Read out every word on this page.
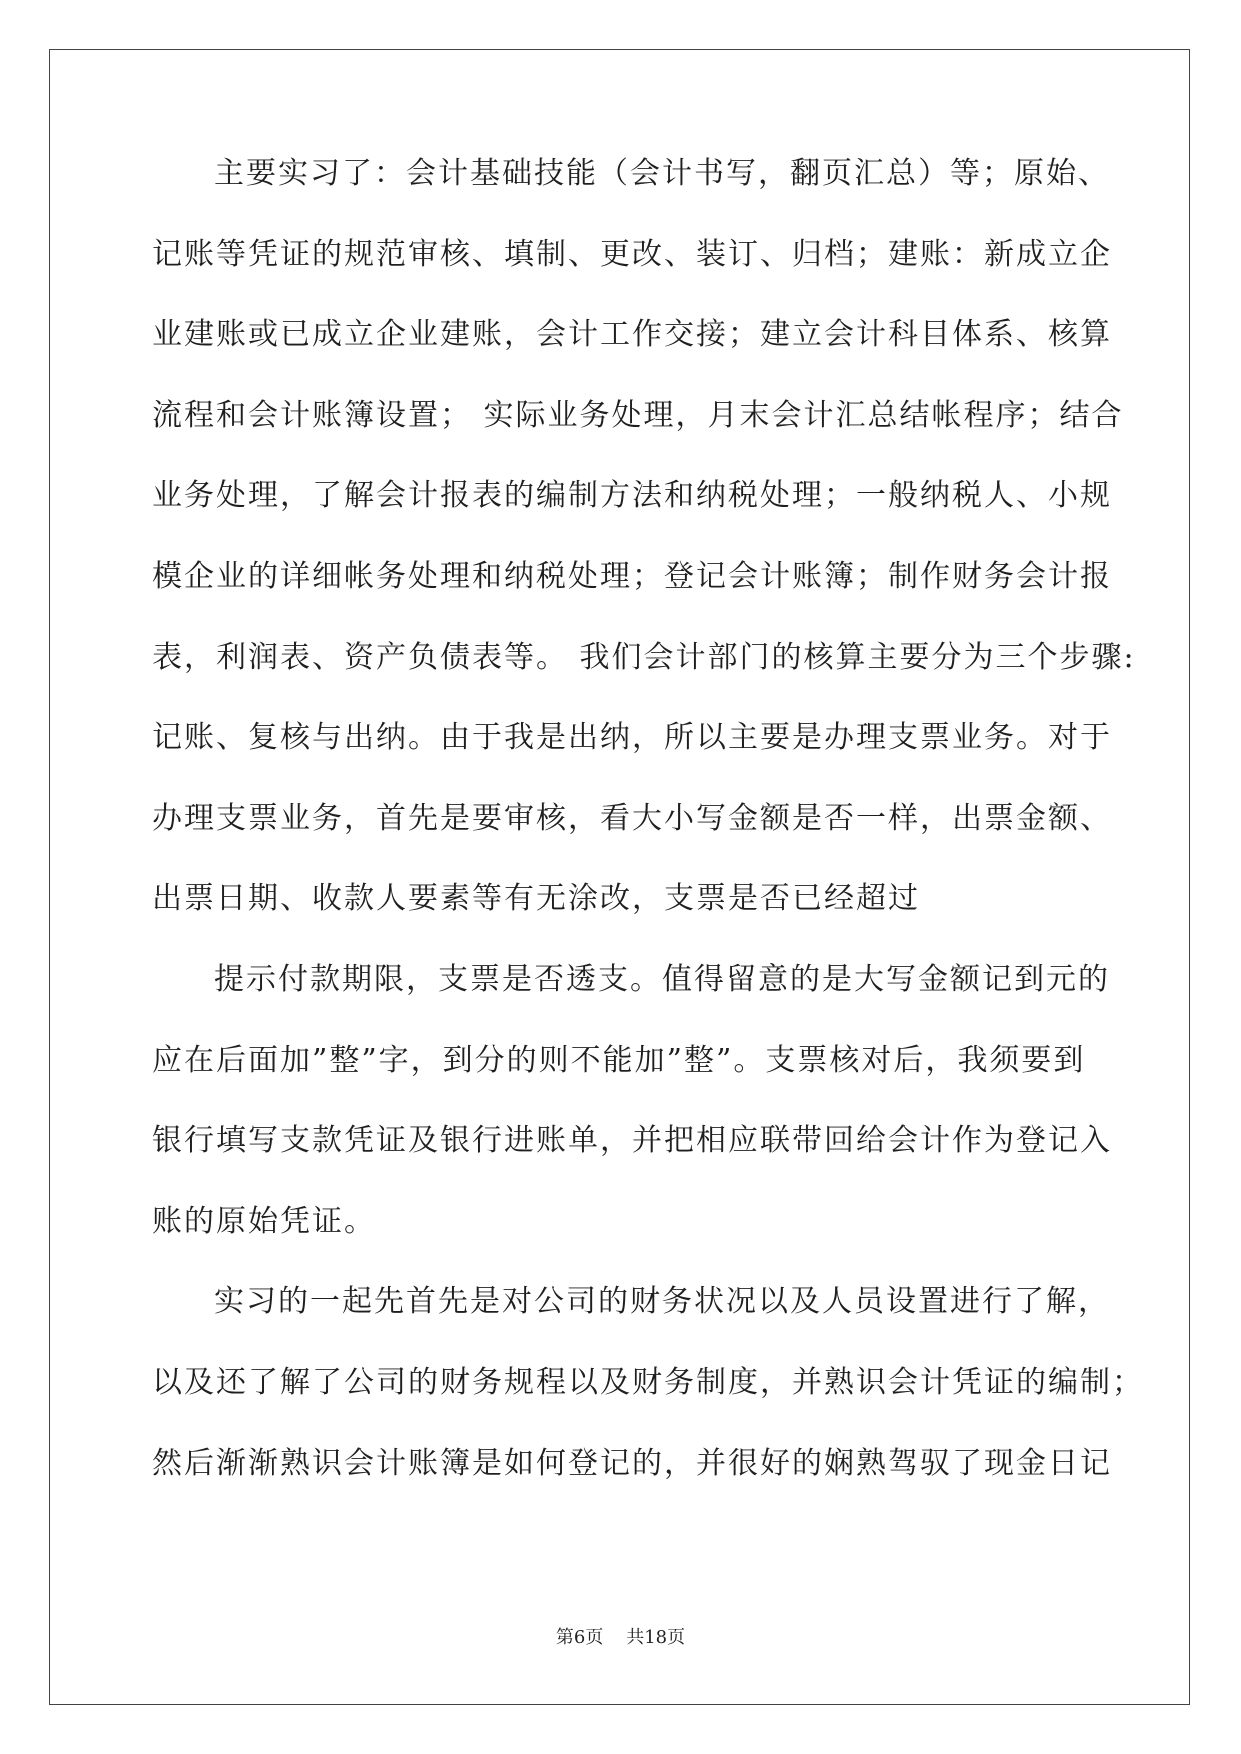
主要实习了：会计基础技能（会计书写，翻页汇总）等；原始、
记账等凭证的规范审核、填制、更改、装订、归档；建账：新成立企
业建账或已成立企业建账，会计工作交接；建立会计科目体系、核算
流程和会计账簿设置； 实际业务处理，月末会计汇总结帐程序；结合
业务处理，了解会计报表的编制方法和纳税处理；一般纳税人、小规
模企业的详细帐务处理和纳税处理；登记会计账簿；制作财务会计报
表，利润表、资产负债表等。 我们会计部门的核算主要分为三个步骤:
记账、复核与出纳。由于我是出纳，所以主要是办理支票业务。对于
办理支票业务，首先是要审核，看大小写金额是否一样，出票金额、
出票日期、收款人要素等有无涂改，支票是否已经超过
提示付款期限，支票是否透支。值得留意的是大写金额记到元的
应在后面加”整”字，到分的则不能加”整”。支票核对后，我须要到
银行填写支款凭证及银行进账单，并把相应联带回给会计作为登记入
账的原始凭证。
实习的一起先首先是对公司的财务状况以及人员设置进行了解，
以及还了解了公司的财务规程以及财务制度，并熟识会计凭证的编制；
然后渐渐熟识会计账簿是如何登记的，并很好的娴熟驾驭了现金日记
第6页 共18页
